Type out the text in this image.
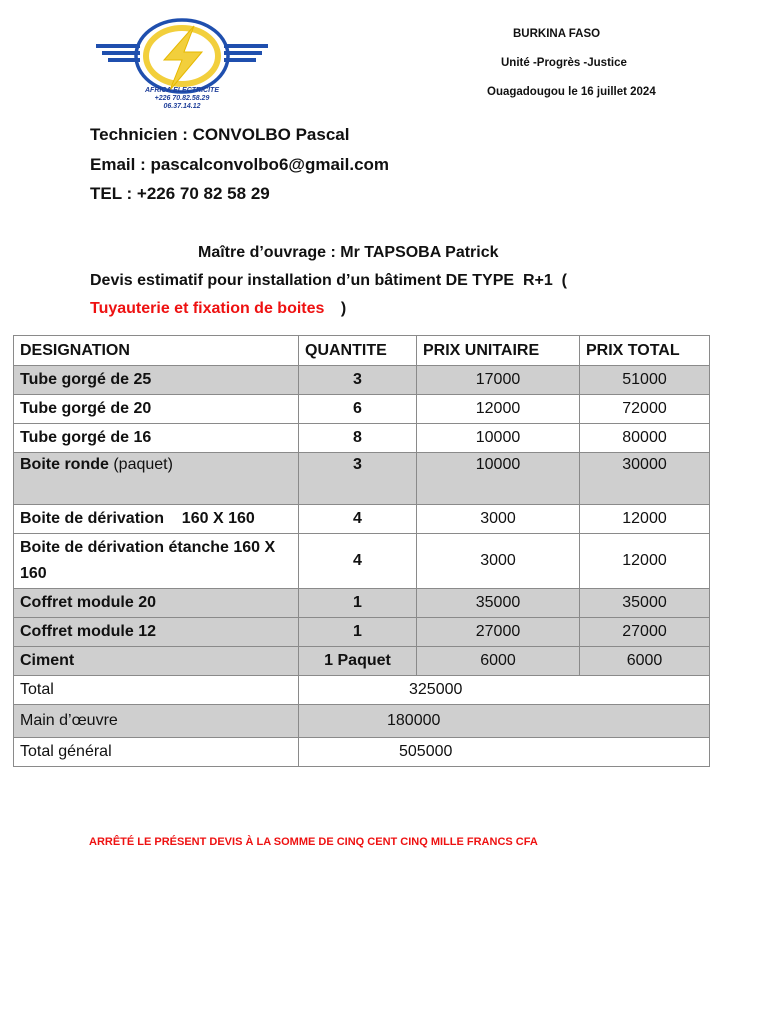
AFRICA ELECTRICITE
+226 70.82.58.29
06.37.14.12
BURKINA FASO
Unité -Progrès -Justice
Ouagadougou le 16 juillet 2024
Technicien : CONVOLBO Pascal
Email : pascalconvolbo6@gmail.com
TEL : +226 70 82 58 29
Maître d’ouvrage : Mr TAPSOBA Patrick
Devis estimatif pour installation d’un bâtiment DE TYPE  R+1  (
Tuyauterie et fixation de boites )
DESIGNATION	QUANTITE	PRIX UNITAIRE	PRIX TOTAL
Tube gorgé de 25	3	17000	51000
Tube gorgé de 20	6	12000	72000
Tube gorgé de 16	8	10000	80000
Boite ronde (paquet)	3	10000	30000
Boite de dérivation    160 X 160	4	3000	12000
Boite de dérivation étanche 160 X 160	4	3000	12000
Coffret module 20	1	35000	35000
Coffret module 12	1	27000	27000
Ciment	1 Paquet	6000	6000
Total	325000		
Main d’œuvre	180000		
Total général	505000		
ARRÊTÉ LE PRÉSENT DEVIS À LA SOMME DE CINQ CENT CINQ MILLE FRANCS CFA
